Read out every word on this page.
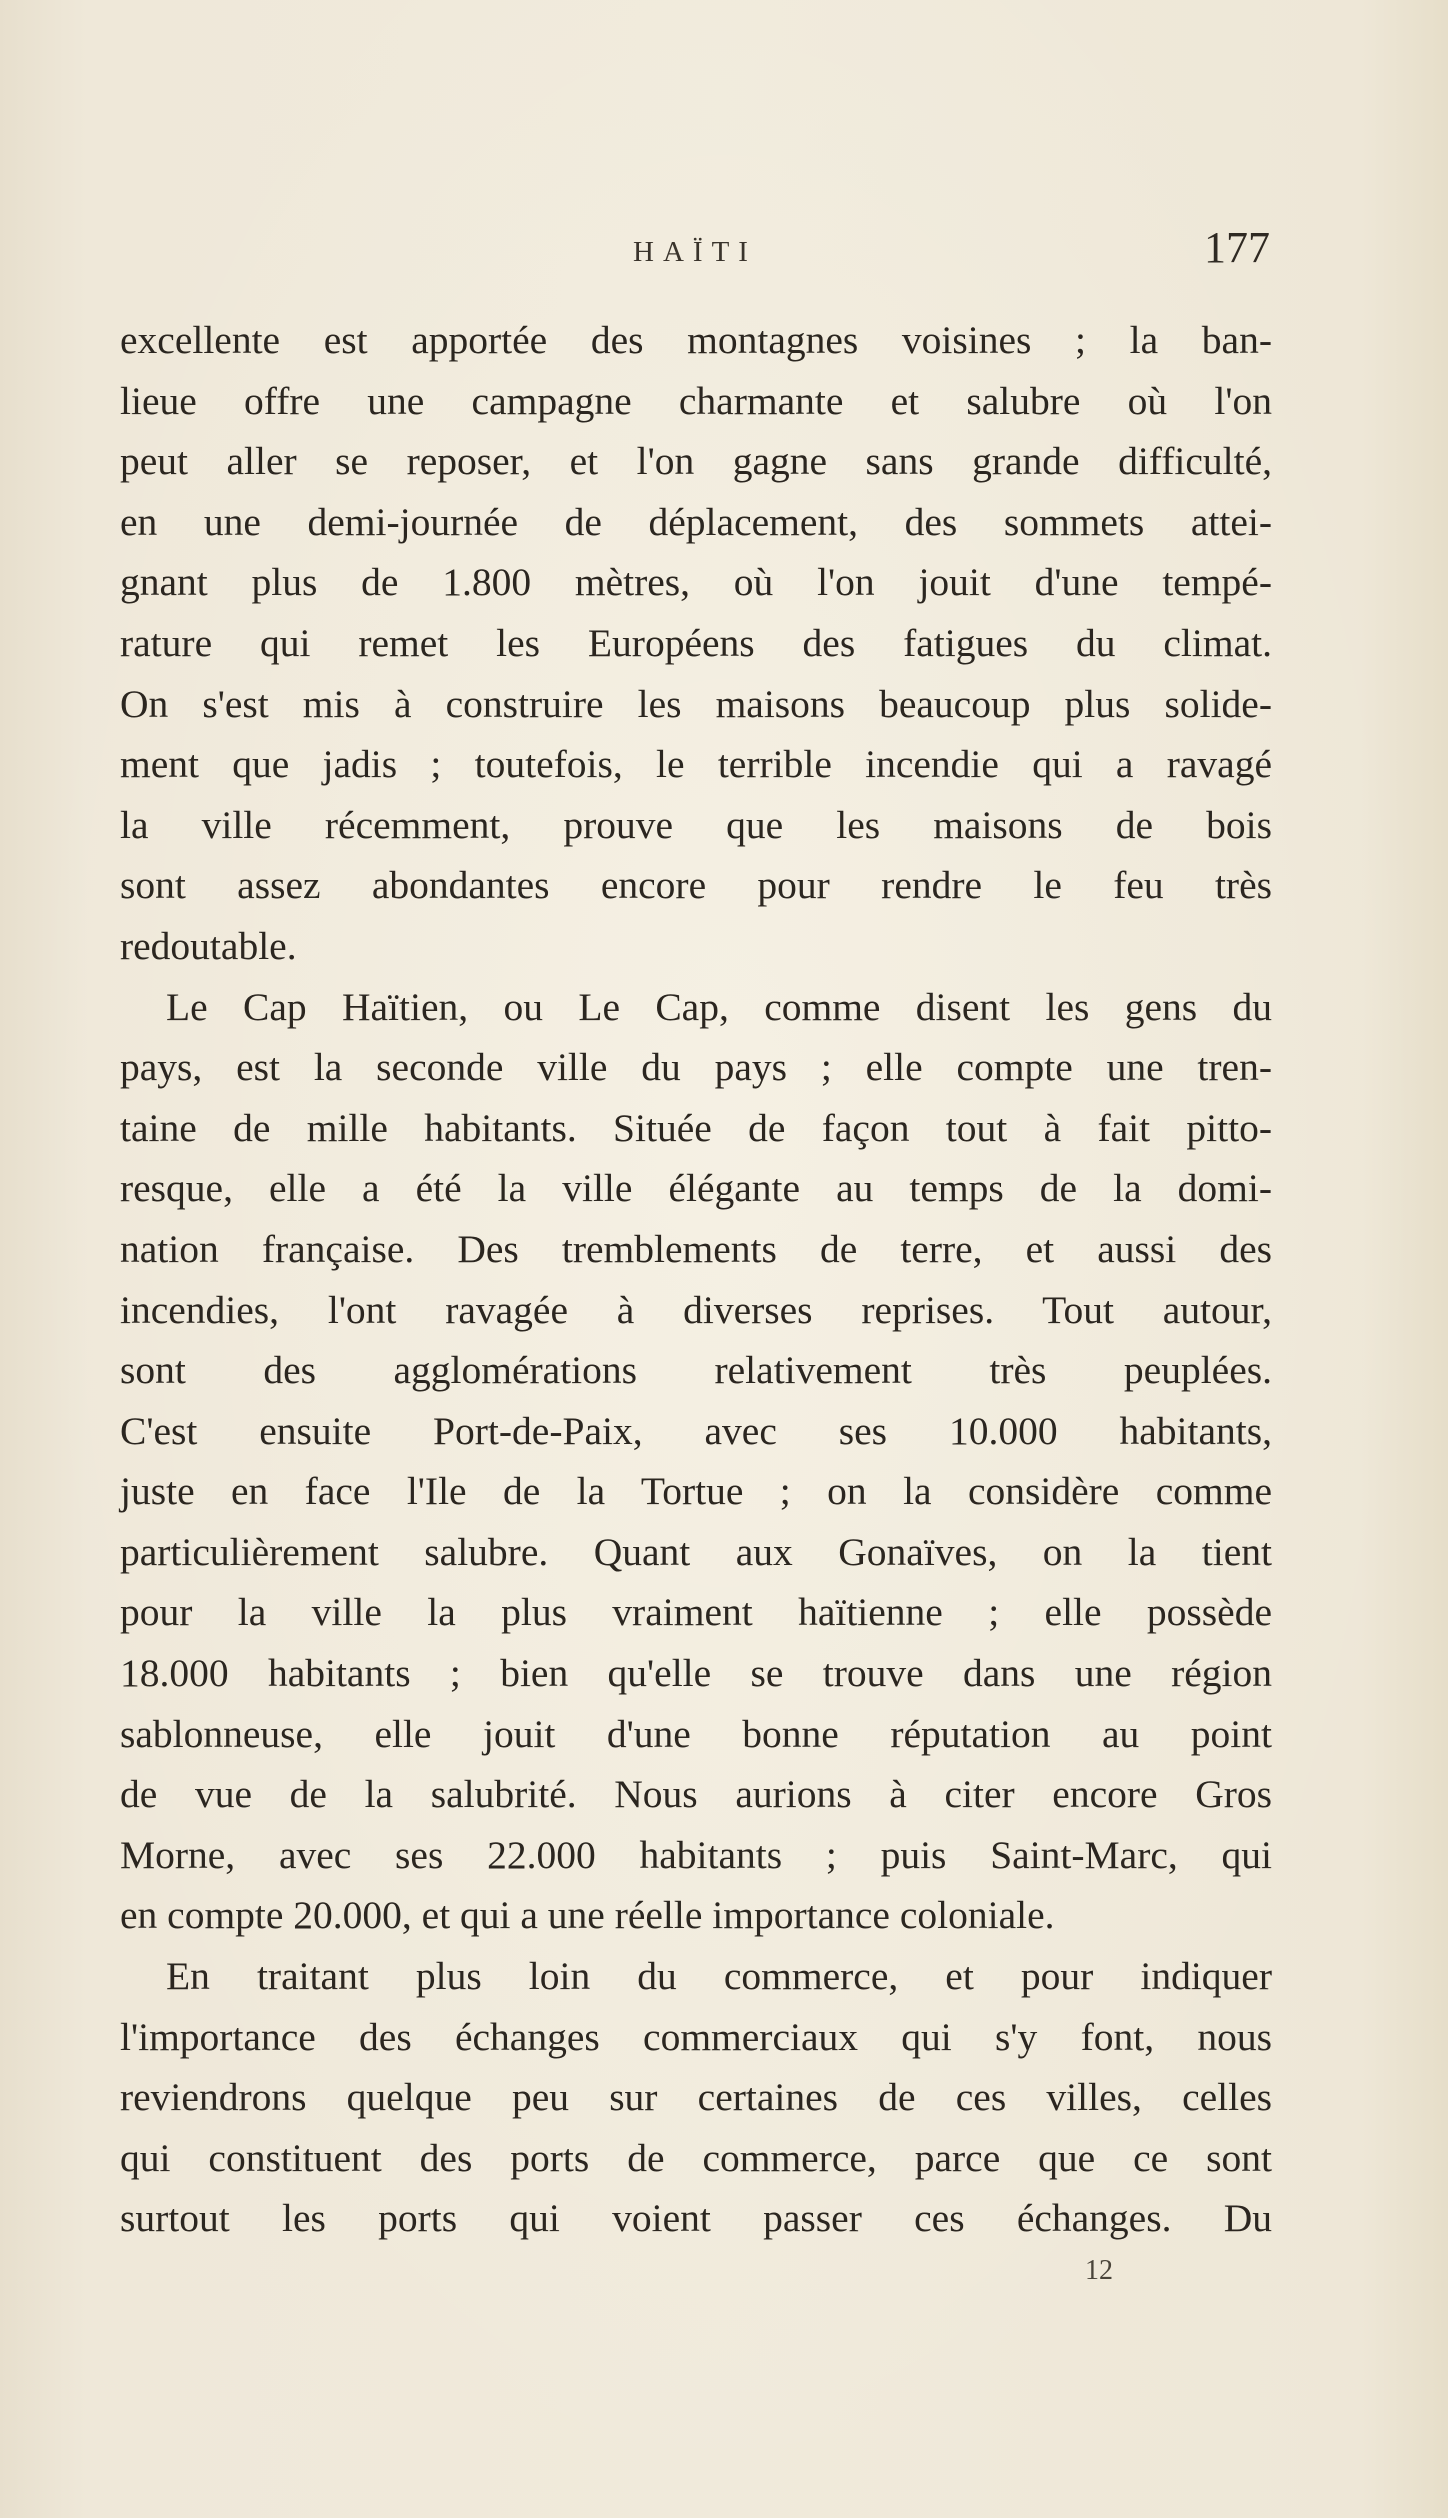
HAÏTI	177
excellente est apportée des montagnes voisines ; la ban-
lieue offre une campagne charmante et salubre où l'on
peut aller se reposer, et l'on gagne sans grande difficulté,
en une demi-journée de déplacement, des sommets attei-
gnant plus de 1.800 mètres, où l'on jouit d'une tempé-
rature qui remet les Européens des fatigues du climat.
On s'est mis à construire les maisons beaucoup plus solide-
ment que jadis ; toutefois, le terrible incendie qui a ravagé
la ville récemment, prouve que les maisons de bois
sont assez abondantes encore pour rendre le feu très
redoutable.
Le Cap Haïtien, ou Le Cap, comme disent les gens du
pays, est la seconde ville du pays ; elle compte une tren-
taine de mille habitants. Située de façon tout à fait pitto-
resque, elle a été la ville élégante au temps de la domi-
nation française. Des tremblements de terre, et aussi des
incendies, l'ont ravagée à diverses reprises. Tout autour,
sont des agglomérations relativement très peuplées.
C'est ensuite Port-de-Paix, avec ses 10.000 habitants,
juste en face l'Ile de la Tortue ; on la considère comme
particulièrement salubre. Quant aux Gonaïves, on la tient
pour la ville la plus vraiment haïtienne ; elle possède
18.000 habitants ; bien qu'elle se trouve dans une région
sablonneuse, elle jouit d'une bonne réputation au point
de vue de la salubrité. Nous aurions à citer encore Gros
Morne, avec ses 22.000 habitants ; puis Saint-Marc, qui
en compte 20.000, et qui a une réelle importance coloniale.
En traitant plus loin du commerce, et pour indiquer
l'importance des échanges commerciaux qui s'y font, nous
reviendrons quelque peu sur certaines de ces villes, celles
qui constituent des ports de commerce, parce que ce sont
surtout les ports qui voient passer ces échanges. Du
12
